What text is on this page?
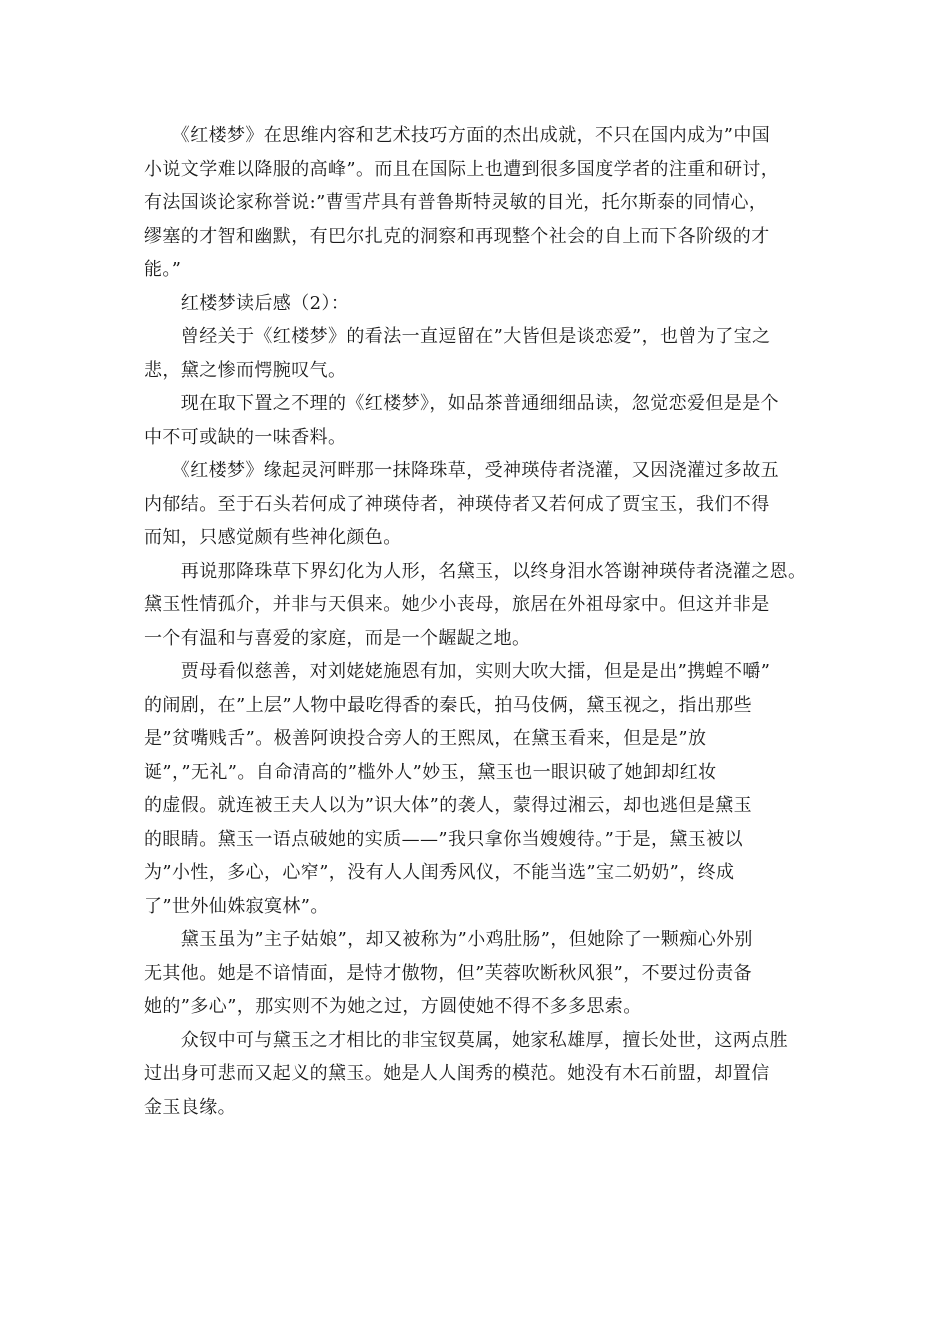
　　《红楼梦》在思维内容和艺术技巧方面的杰出成就，不只在国内成为”中国
小说文学难以降服的高峰”。而且在国际上也遭到很多国度学者的注重和研讨，
有法国谈论家称誉说:”曹雪芹具有普鲁斯特灵敏的目光，托尔斯泰的同情心，
缪塞的才智和幽默，有巴尔扎克的洞察和再现整个社会的自上而下各阶级的才
能。”

　　红楼梦读后感（2）：

　　曾经关于《红楼梦》的看法一直逗留在”大皆但是谈恋爱”，也曾为了宝之
悲，黛之惨而愕腕叹气。

　　现在取下置之不理的《红楼梦》，如品茶普通细细品读，忽觉恋爱但是是个
中不可或缺的一味香料。

　　《红楼梦》缘起灵河畔那一抹降珠草，受神瑛侍者浇灌，又因浇灌过多故五
内郁结。至于石头若何成了神瑛侍者，神瑛侍者又若何成了贾宝玉，我们不得
而知，只感觉颇有些神化颜色。

　　再说那降珠草下界幻化为人形，名黛玉，以终身泪水答谢神瑛侍者浇灌之恩。
黛玉性情孤介，并非与天俱来。她少小丧母，旅居在外祖母家中。但这并非是
一个有温和与喜爱的家庭，而是一个龌龊之地。

　　贾母看似慈善，对刘姥姥施恩有加，实则大吹大擂，但是是出”携蝗不嚼”
的闹剧，在”上层”人物中最吃得香的秦氏，拍马伎俩，黛玉视之，指出那些
是”贫嘴贱舌”。极善阿谀投合旁人的王熙凤，在黛玉看来，但是是”放
诞”，”无礼”。自命清高的”槛外人”妙玉，黛玉也一眼识破了她卸却红妆
的虚假。就连被王夫人以为”识大体”的袭人，蒙得过湘云，却也逃但是黛玉
的眼睛。黛玉一语点破她的实质——”我只拿你当嫂嫂待。”于是，黛玉被以
为”小性，多心，心窄”，没有人人闺秀风仪，不能当选”宝二奶奶”，终成
了”世外仙姝寂寞林”。

　　黛玉虽为”主子姑娘”，却又被称为”小鸡肚肠”，但她除了一颗痴心外别
无其他。她是不谙情面，是恃才傲物，但”芙蓉吹断秋风狠”，不要过份责备
她的”多心”，那实则不为她之过，方圆使她不得不多多思索。

　　众钗中可与黛玉之才相比的非宝钗莫属，她家私雄厚，擅长处世，这两点胜
过出身可悲而又起义的黛玉。她是人人闺秀的模范。她没有木石前盟，却置信
金玉良缘。
